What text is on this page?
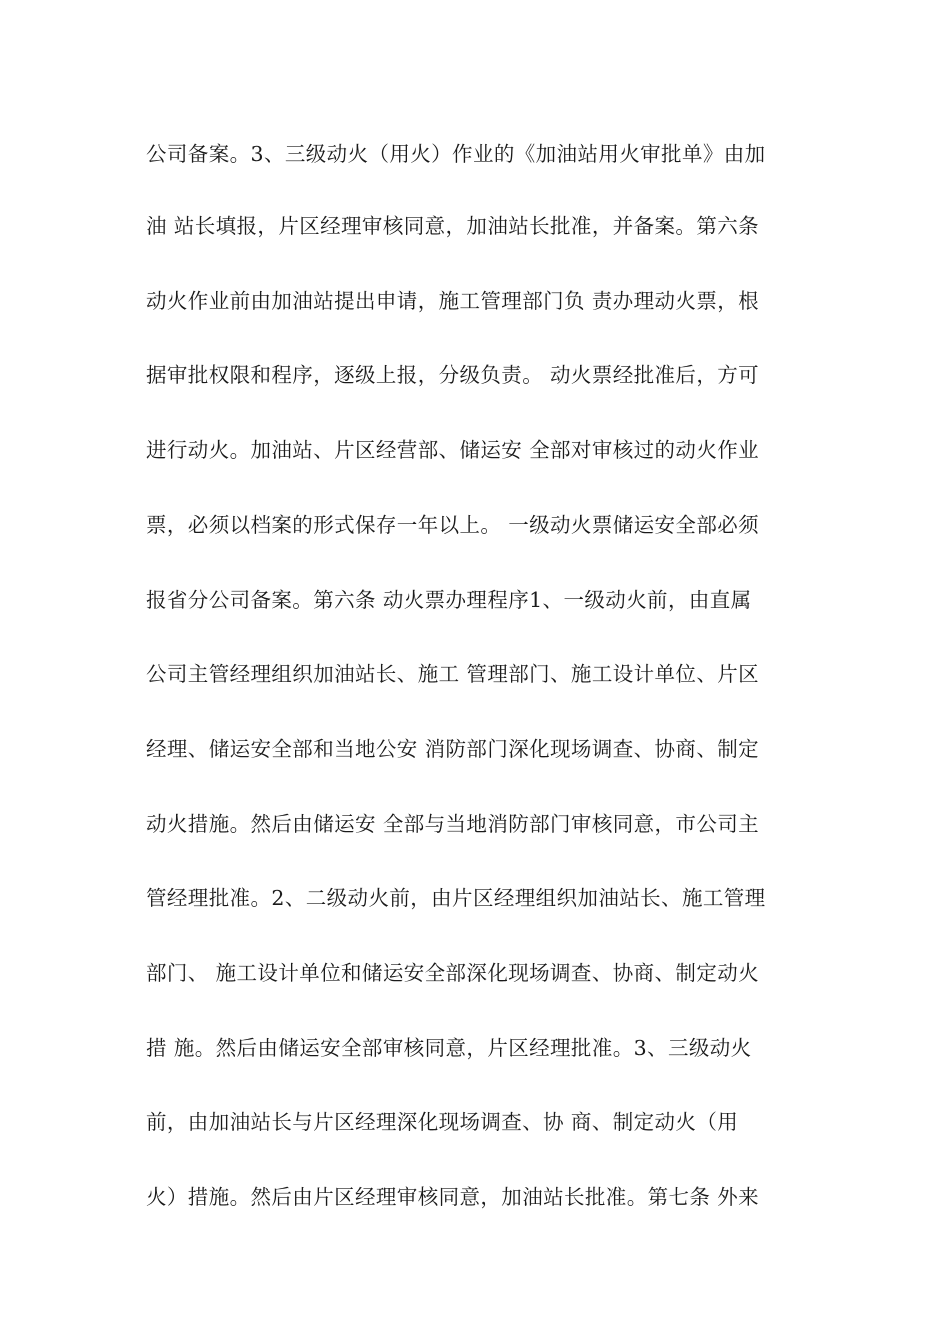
公司备案。3、三级动火（用火）作业的《加油站用火审批单》由加
油 站长填报，片区经理审核同意，加油站长批准，并备案。第六条
动火作业前由加油站提出申请，施工管理部门负 责办理动火票，根
据审批权限和程序，逐级上报，分级负责。 动火票经批准后，方可
进行动火。加油站、片区经营部、储运安 全部对审核过的动火作业
票，必须以档案的形式保存一年以上。 一级动火票储运安全部必须
报省分公司备案。第六条 动火票办理程序1、一级动火前，由直属
公司主管经理组织加油站长、施工 管理部门、施工设计单位、片区
经理、储运安全部和当地公安 消防部门深化现场调查、协商、制定
动火措施。然后由储运安 全部与当地消防部门审核同意，市公司主
管经理批准。2、二级动火前，由片区经理组织加油站长、施工管理
部门、 施工设计单位和储运安全部深化现场调查、协商、制定动火
措 施。然后由储运安全部审核同意，片区经理批准。3、三级动火
前，由加油站长与片区经理深化现场调查、协 商、制定动火（用
火）措施。然后由片区经理审核同意，加油站长批准。第七条 外来
